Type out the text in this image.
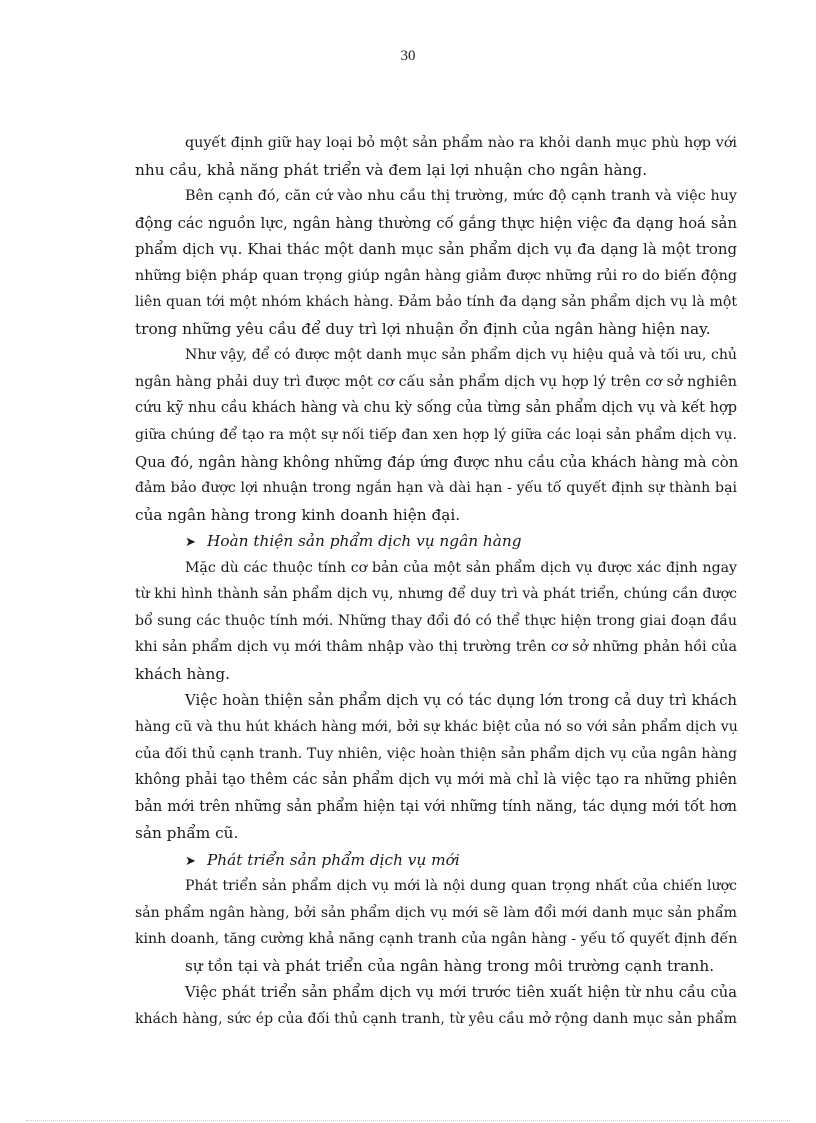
30
quyết định giữ hay loại bỏ một sản phẩm nào ra khỏi danh mục phù hợp với
nhu cầu, khả năng phát triển và đem lại lợi nhuận cho ngân hàng.
Bên cạnh đó, căn cứ vào nhu cầu thị trường, mức độ cạnh tranh và việc huy
động các nguồn lực, ngân hàng thường cố gắng thực hiện việc đa dạng hoá sản
phẩm dịch vụ. Khai thác một danh mục sản phẩm dịch vụ đa dạng là một trong
những biện pháp quan trọng giúp ngân hàng giảm được những rủi ro do biến động
liên quan tới một nhóm khách hàng. Đảm bảo tính đa dạng sản phẩm dịch vụ là một
trong những yêu cầu để duy trì lợi nhuận ổn định của ngân hàng hiện nay.
Như vậy, để có được một danh mục sản phẩm dịch vụ hiệu quả và tối ưu, chủ
ngân hàng phải duy trì được một cơ cấu sản phẩm dịch vụ hợp lý trên cơ sở nghiên
cứu kỹ nhu cầu khách hàng và chu kỳ sống của từng sản phẩm dịch vụ và kết hợp
giữa chúng để tạo ra một sự nối tiếp đan xen hợp lý giữa các loại sản phẩm dịch vụ.
Qua đó, ngân hàng không những đáp ứng được nhu cầu của khách hàng mà còn
đảm bảo được lợi nhuận trong ngắn hạn và dài hạn - yếu tố quyết định sự thành bại
của ngân hàng trong kinh doanh hiện đại.
➤ Hoàn thiện sản phẩm dịch vụ ngân hàng
Mặc dù các thuộc tính cơ bản của một sản phẩm dịch vụ được xác định ngay
từ khi hình thành sản phẩm dịch vụ, nhưng để duy trì và phát triển, chúng cần được
bổ sung các thuộc tính mới. Những thay đổi đó có thể thực hiện trong giai đoạn đầu
khi sản phẩm dịch vụ mới thâm nhập vào thị trường trên cơ sở những phản hồi của
khách hàng.
Việc hoàn thiện sản phẩm dịch vụ có tác dụng lớn trong cả duy trì khách
hàng cũ và thu hút khách hàng mới, bởi sự khác biệt của nó so với sản phẩm dịch vụ
của đối thủ cạnh tranh. Tuy nhiên, việc hoàn thiện sản phẩm dịch vụ của ngân hàng
không phải tạo thêm các sản phẩm dịch vụ mới mà chỉ là việc tạo ra những phiên
bản mới trên những sản phẩm hiện tại với những tính năng, tác dụng mới tốt hơn
sản phẩm cũ.
➤ Phát triển sản phẩm dịch vụ mới
Phát triển sản phẩm dịch vụ mới là nội dung quan trọng nhất của chiến lược
sản phẩm ngân hàng, bởi sản phẩm dịch vụ mới sẽ làm đổi mới danh mục sản phẩm
kinh doanh, tăng cường khả năng cạnh tranh của ngân hàng - yếu tố quyết định đến
sự tồn tại và phát triển của ngân hàng trong môi trường cạnh tranh.
Việc phát triển sản phẩm dịch vụ mới trước tiên xuất hiện từ nhu cầu của
khách hàng, sức ép của đối thủ cạnh tranh, từ yêu cầu mở rộng danh mục sản phẩm
